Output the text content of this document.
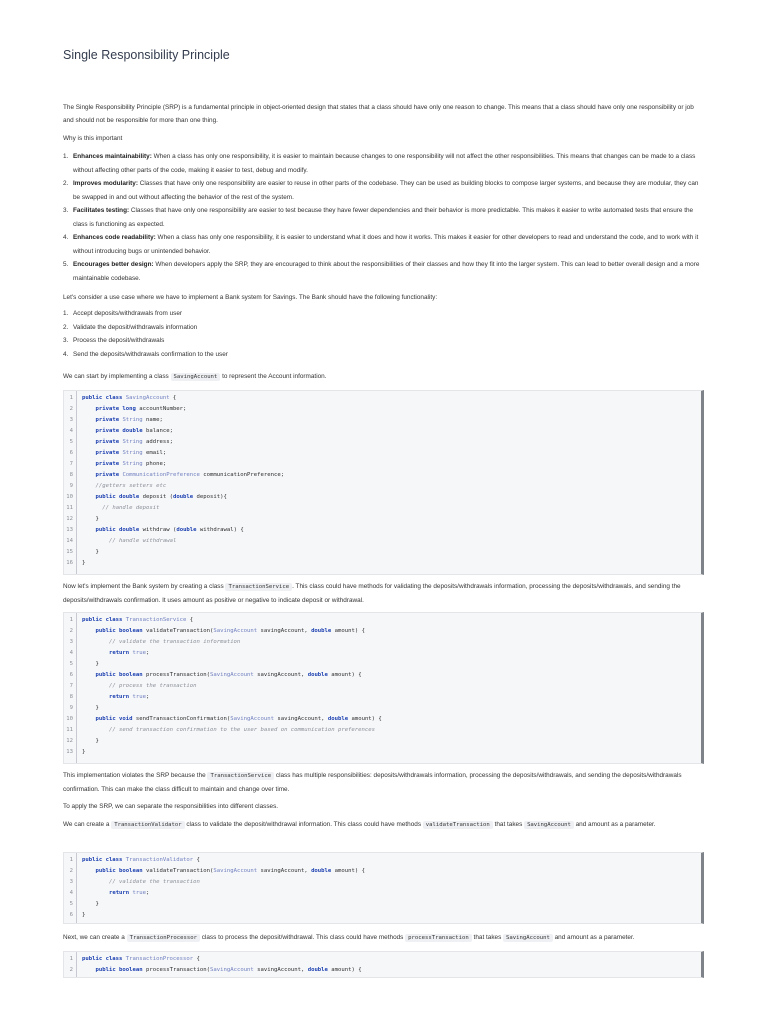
Single Responsibility Principle

The Single Responsibility Principle (SRP) is a fundamental principle in object-oriented design that states that a class should have only one reason to change. This means that a class should have only one responsibility or job and should not be responsible for more than one thing.

Why is this important

1. Enhances maintainability: When a class has only one responsibility, it is easier to maintain because changes to one responsibility will not affect the other responsibilities. This means that changes can be made to a class without affecting other parts of the code, making it easier to test, debug and modify.
2. Improves modularity: Classes that have only one responsibility are easier to reuse in other parts of the codebase. They can be used as building blocks to compose larger systems, and because they are modular, they can be swapped in and out without affecting the behavior of the rest of the system.
3. Facilitates testing: Classes that have only one responsibility are easier to test because they have fewer dependencies and their behavior is more predictable. This makes it easier to write automated tests that ensure the class is functioning as expected.
4. Enhances code readability: When a class has only one responsibility, it is easier to understand what it does and how it works. This makes it easier for other developers to read and understand the code, and to work with it without introducing bugs or unintended behavior.
5. Encourages better design: When developers apply the SRP, they are encouraged to think about the responsibilities of their classes and how they fit into the larger system. This can lead to better overall design and a more maintainable codebase.

Let's consider a use case where we have to implement a Bank system for Savings. The Bank should have the following functionality:

1. Accept deposits/withdrawals from user
2. Validate the deposit/withdrawals information
3. Process the deposit/withdrawals
4. Send the deposits/withdrawals confirmation to the user

We can start by implementing a class SavingAccount to represent the Account information.

1 public class SavingAccount {
2	private long accountNumber;
3	private String name;
4	private double balance;
5	private String address;
6	private String email;
7	private String phone;
8	private CommunicationPreference communicationPreference;
9	//getters setters etc
10	public double deposit (double deposit){
11	// handle deposit
12 }
13	public double withdraw (double withdrawal) {
14	// handle withdrawal
15 }
16 }

Now let's implement the Bank system by creating a class TransactionService . This class could have methods for validating the deposits/withdrawals information, processing the deposits/withdrawals, and sending the deposits/withdrawals confirmation. It uses amount as positive or negative to indicate deposit or withdrawal.

1 public class TransactionService {
2	public boolean validateTransaction(SavingAccount savingAccount, double amount) {
3	// validate the transaction information
4	return true;
5 }
6	public boolean processTransaction(SavingAccount savingAccount, double amount) {
7	// process the transaction
8	return true;
9 }
10	public void sendTransactionConfirmation(SavingAccount savingAccount, double amount) {
11	// send transaction confirmation to the user based on communication preferences
12 }
13 }

This implementation violates the SRP because the TransactionService class has multiple responsibilities: deposits/withdrawals information, processing the deposits/withdrawals, and sending the deposits/withdrawals confirmation. This can make the class difficult to maintain and change over time.

To apply the SRP, we can separate the responsibilities into different classes.

We can create a TransactionValidator class to validate the deposit/withdrawal information. This class could have methods validateTransaction that takes SavingAccount and amount as a parameter.

1 public class TransactionValidator {
2	public boolean validateTransaction(SavingAccount savingAccount, double amount) {
3	// validate the transaction
4	return true;
5 }
6 }

Next, we can create a TransactionProcessor class to process the deposit/withdrawal. This class could have methods processTransaction that takes SavingAccount and amount as a parameter.

1 public class TransactionProcessor {
2	public boolean processTransaction(SavingAccount savingAccount, double amount) {
